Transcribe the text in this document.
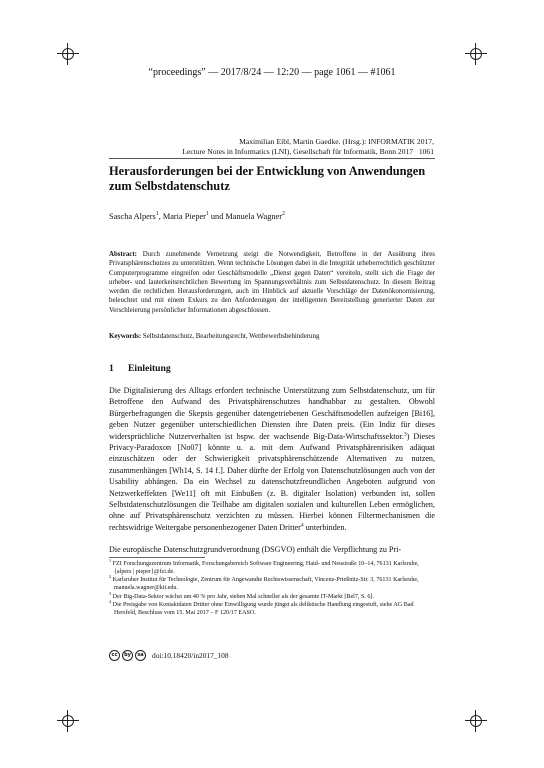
“proceedings” — 2017/8/24 — 12:20 — page 1061 — #1061
Maximilian Eibl, Martin Gaedke. (Hrsg.): INFORMATIK 2017,
Lecture Notes in Informatics (LNI), Gesellschaft für Informatik, Bonn 2017 1061
Herausforderungen bei der Entwicklung von Anwendungen
zum Selbstdatenschutz
Sascha Alpers$^1$, Maria Pieper$^1$ und Manuela Wagner$^2$
Abstract: Durch zunehmende Vernetzung steigt die Notwendigkeit, Betroffene in der Ausübung ihres Privatsphärenschutzes zu unterstützen. Wenn technische Lösungen dabei in die Integrität urheberrechtlich geschützter Computerprogramme eingreifen oder Geschäftsmodelle „Dienst gegen Daten“ vereiteln, stellt sich die Frage der urheber- und lauterkeitsrechtlichen Bewertung im Spannungsverhältnis zum Selbstdatenschutz. In diesem Beitrag werden die rechtlichen Herausforderungen, auch im Hinblick auf aktuelle Vorschläge der Datenökonomisierung, beleuchtet und mit einem Exkurs zu den Anforderungen der intelligenten Bereitstellung generierter Daten zur Verschleierung persönlicher Informationen abgeschlossen.
Keywords: Selbstdatenschutz, Bearbeitungsrecht, Wettbewerbsbehinderung
1 Einleitung
Die Digitalisierung des Alltags erfordert technische Unterstützung zum Selbstdatenschutz, um für Betroffene den Aufwand des Privatsphärenschutzes handhabbar zu gestalten. Obwohl Bürgerbefragungen die Skepsis gegenüber datengetriebenen Geschäftsmodellen aufzeigen [Bi16], geben Nutzer gegenüber unterschiedlichen Diensten ihre Daten preis. (Ein Indiz für dieses widersprüchliche Nutzerverhalten ist bspw. der wachsende Big-Data-Wirtschaftssektor.$^3$) Dieses Privacy-Paradoxon [No07] könnte u. a. mit dem Aufwand Privatsphärenrisiken adäquat einzuschätzen oder der Schwierigkeit privatsphärenschützende Alternativen zu nutzen, zusammenhängen [Wh14, S. 14 f.]. Daher dürfte der Erfolg von Datenschutzlösungen auch von der Usability abhängen. Da ein Wechsel zu datenschutzfreundlichen Angeboten aufgrund von Netzwerkeffekten [We11] oft mit Einbußen (z. B. digitaler Isolation) verbunden ist, sollen Selbstdatenschutzlösungen die Teilhabe am digitalen sozialen und kulturellen Leben ermöglichen, ohne auf Privatsphärenschutz verzichten zu müssen. Hierbei können Filtermechanismen die rechtswidrige Weitergabe personenbezogener Daten Dritter$^4$ unterbinden.
Die europäische Datenschutzgrundverordnung (DSGVO) enthält die Verpflichtung zu Pri-
$^1$ FZI Forschungszentrum Informatik, Forschungsbereich Software Engineering, Haid- und Neustraße 10–14, 76131 Karlsruhe, {alpers | pieper}@fzi.de.
$^2$ Karlsruher Institut für Technologie, Zentrum für Angewandte Rechtswissenschaft, Vincenz-Prießnitz-Str. 3, 76131 Karlsruhe, manuela.wagner@kit.edu.
$^3$ Der Big-Data-Sektor wächst um 40 % pro Jahr, sieben Mal schneller als der gesamte IT-Markt [Bel7, S. 6].
$^4$ Die Preisgabe von Kontaktdaten Dritter ohne Einwilligung wurde jüngst als deliktische Handlung eingestuft, siehe AG Bad Hersfeld, Beschluss vom 15. Mai 2017 – F 120/17 EASO.
cc	by	sa	doi:10.18420/in2017_108
